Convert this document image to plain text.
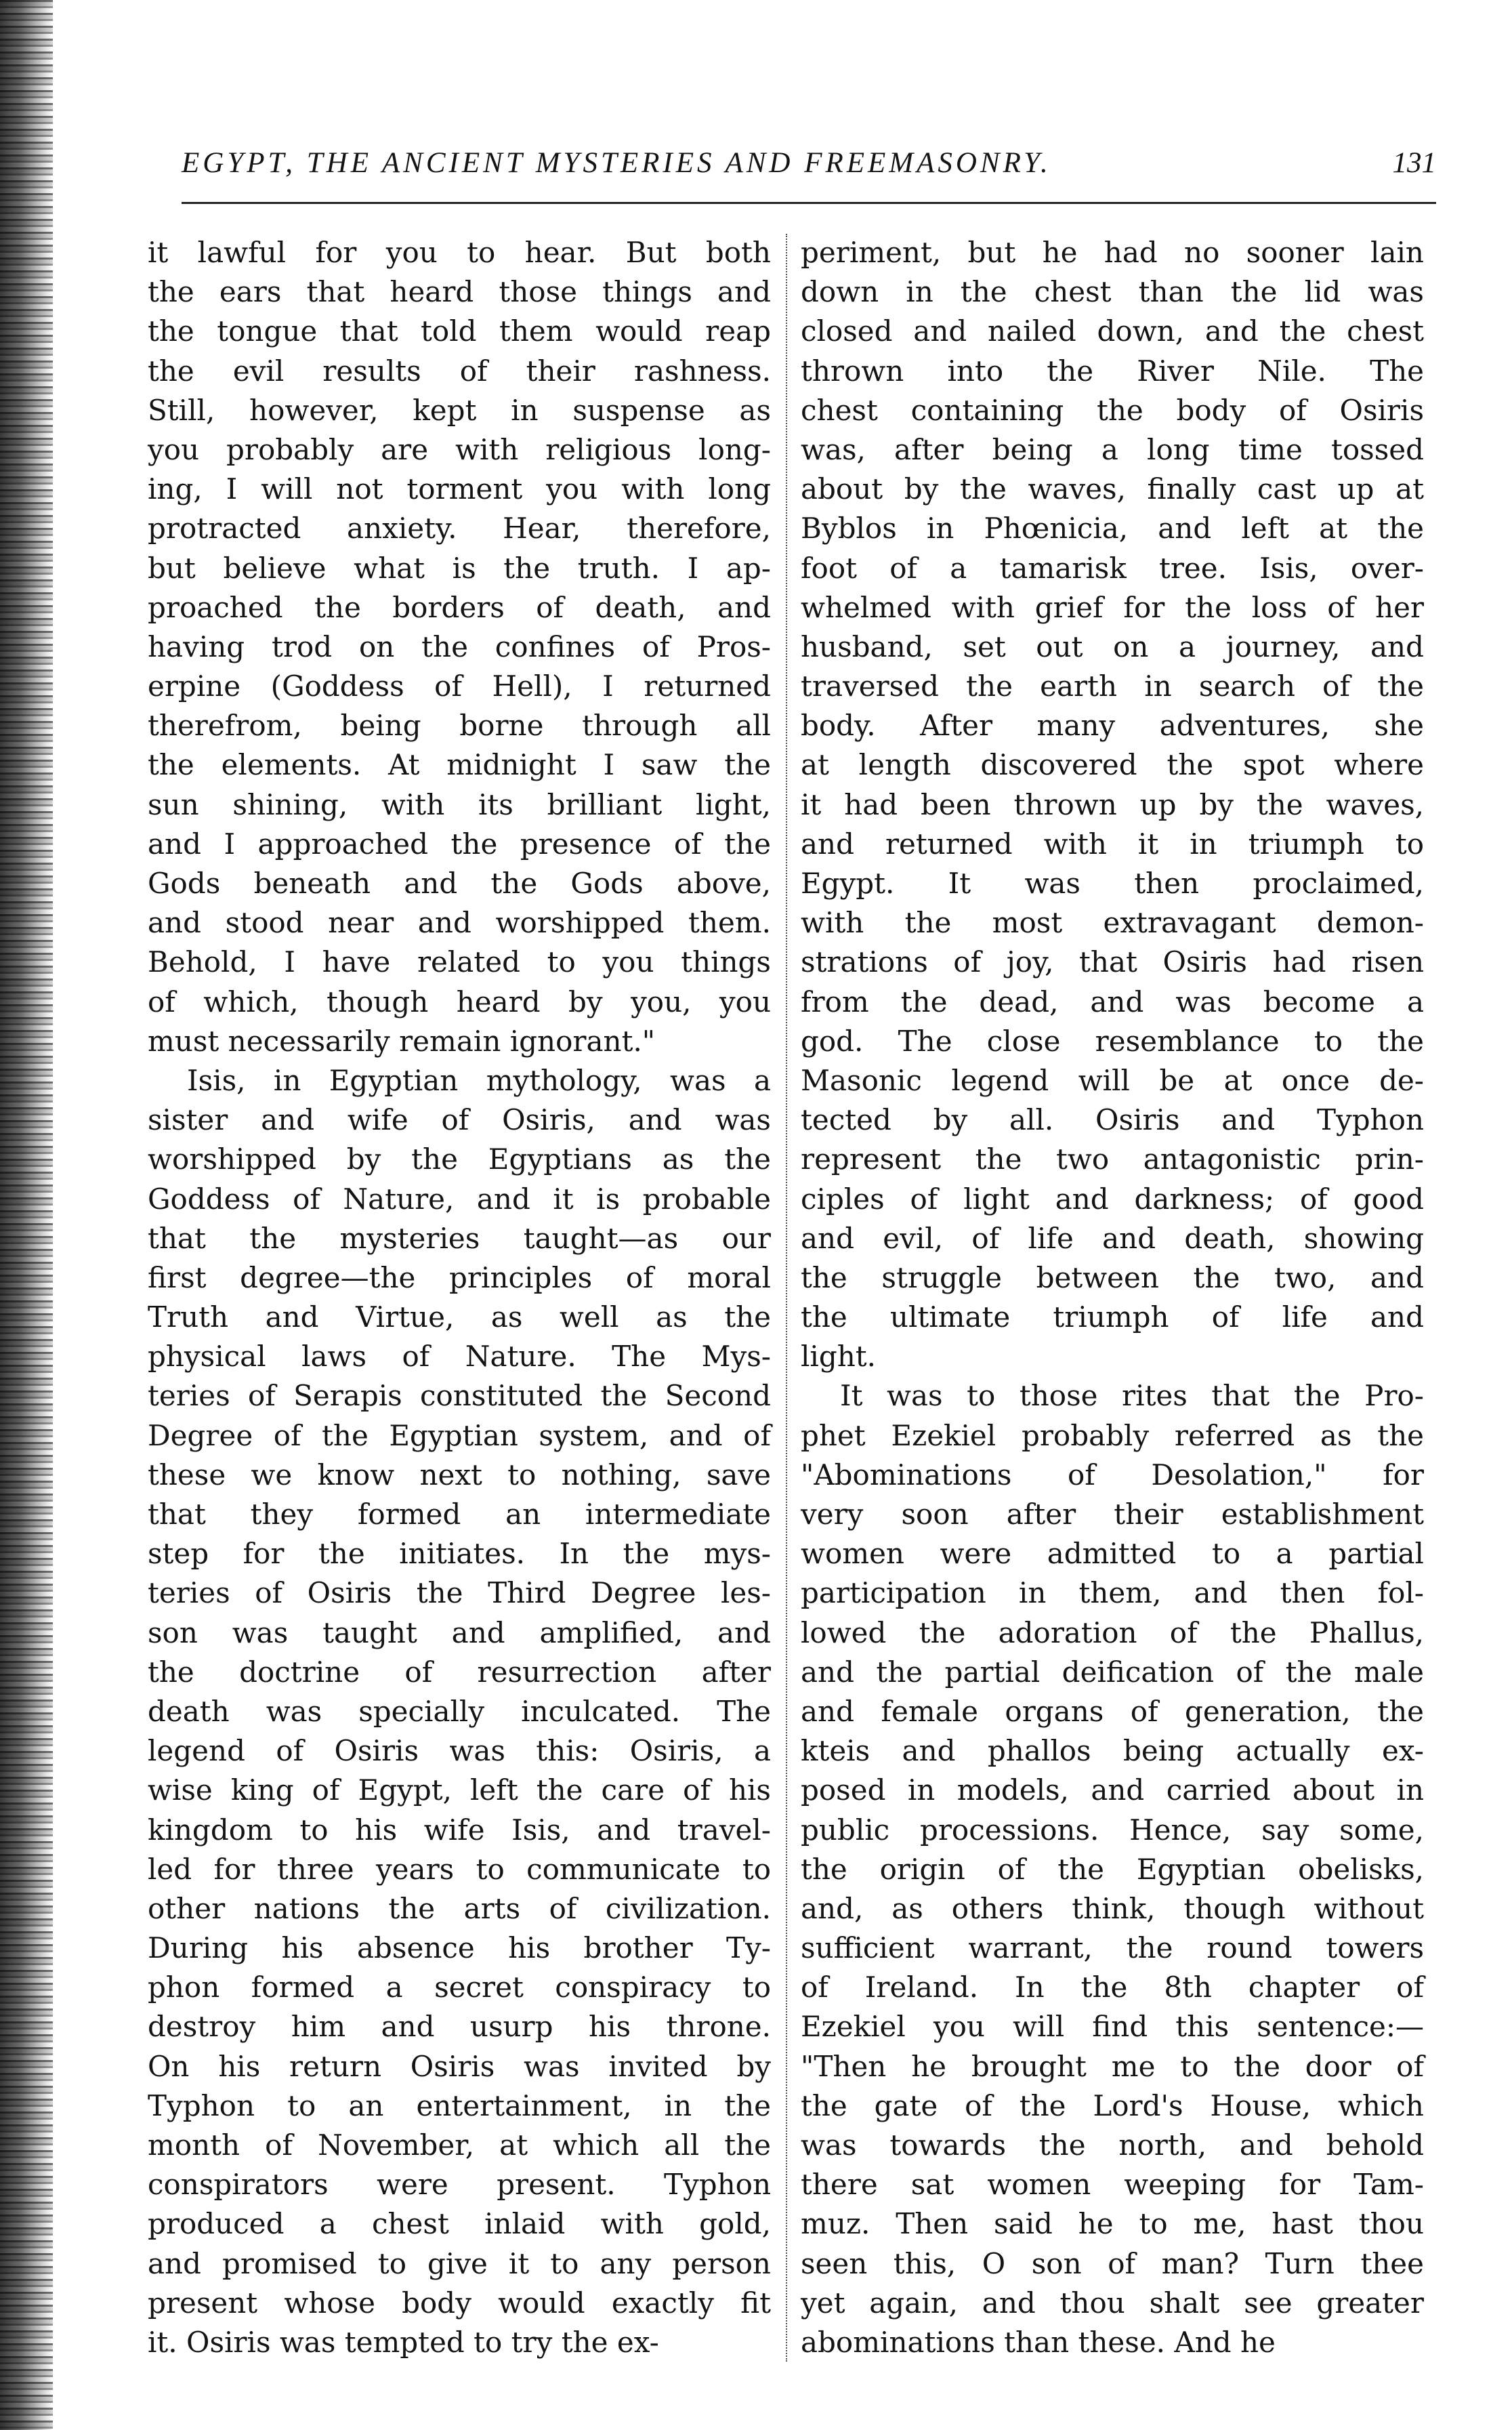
EGYPT, THE ANCIENT MYSTERIES AND FREEMASONRY.	131
it lawful for you to hear. But both
the ears that heard those things and
the tongue that told them would reap
the evil results of their rashness.
Still, however, kept in suspense as
you probably are with religious long-
ing, I will not torment you with long
protracted anxiety. Hear, therefore,
but believe what is the truth. I ap-
proached the borders of death, and
having trod on the confines of Pros-
erpine (Goddess of Hell), I returned
therefrom, being borne through all
the elements. At midnight I saw the
sun shining, with its brilliant light,
and I approached the presence of the
Gods beneath and the Gods above,
and stood near and worshipped them.
Behold, I have related to you things
of which, though heard by you, you
must necessarily remain ignorant."
Isis, in Egyptian mythology, was a
sister and wife of Osiris, and was
worshipped by the Egyptians as the
Goddess of Nature, and it is probable
that the mysteries taught—as our
first degree—the principles of moral
Truth and Virtue, as well as the
physical laws of Nature. The Mys-
teries of Serapis constituted the Second
Degree of the Egyptian system, and of
these we know next to nothing, save
that they formed an intermediate
step for the initiates. In the mys-
teries of Osiris the Third Degree les-
son was taught and amplified, and
the doctrine of resurrection after
death was specially inculcated. The
legend of Osiris was this: Osiris, a
wise king of Egypt, left the care of his
kingdom to his wife Isis, and travel-
led for three years to communicate to
other nations the arts of civilization.
During his absence his brother Ty-
phon formed a secret conspiracy to
destroy him and usurp his throne.
On his return Osiris was invited by
Typhon to an entertainment, in the
month of November, at which all the
conspirators were present. Typhon
produced a chest inlaid with gold,
and promised to give it to any person
present whose body would exactly fit
it. Osiris was tempted to try the ex-
periment, but he had no sooner lain
down in the chest than the lid was
closed and nailed down, and the chest
thrown into the River Nile. The
chest containing the body of Osiris
was, after being a long time tossed
about by the waves, finally cast up at
Byblos in Phœnicia, and left at the
foot of a tamarisk tree. Isis, over-
whelmed with grief for the loss of her
husband, set out on a journey, and
traversed the earth in search of the
body. After many adventures, she
at length discovered the spot where
it had been thrown up by the waves,
and returned with it in triumph to
Egypt. It was then proclaimed,
with the most extravagant demon-
strations of joy, that Osiris had risen
from the dead, and was become a
god. The close resemblance to the
Masonic legend will be at once de-
tected by all. Osiris and Typhon
represent the two antagonistic prin-
ciples of light and darkness; of good
and evil, of life and death, showing
the struggle between the two, and
the ultimate triumph of life and
light.
It was to those rites that the Pro-
phet Ezekiel probably referred as the
"Abominations of Desolation," for
very soon after their establishment
women were admitted to a partial
participation in them, and then fol-
lowed the adoration of the Phallus,
and the partial deification of the male
and female organs of generation, the
kteis and phallos being actually ex-
posed in models, and carried about in
public processions. Hence, say some,
the origin of the Egyptian obelisks,
and, as others think, though without
sufficient warrant, the round towers
of Ireland. In the 8th chapter of
Ezekiel you will find this sentence:—
"Then he brought me to the door of
the gate of the Lord's House, which
was towards the north, and behold
there sat women weeping for Tam-
muz. Then said he to me, hast thou
seen this, O son of man? Turn thee
yet again, and thou shalt see greater
abominations than these. And he
